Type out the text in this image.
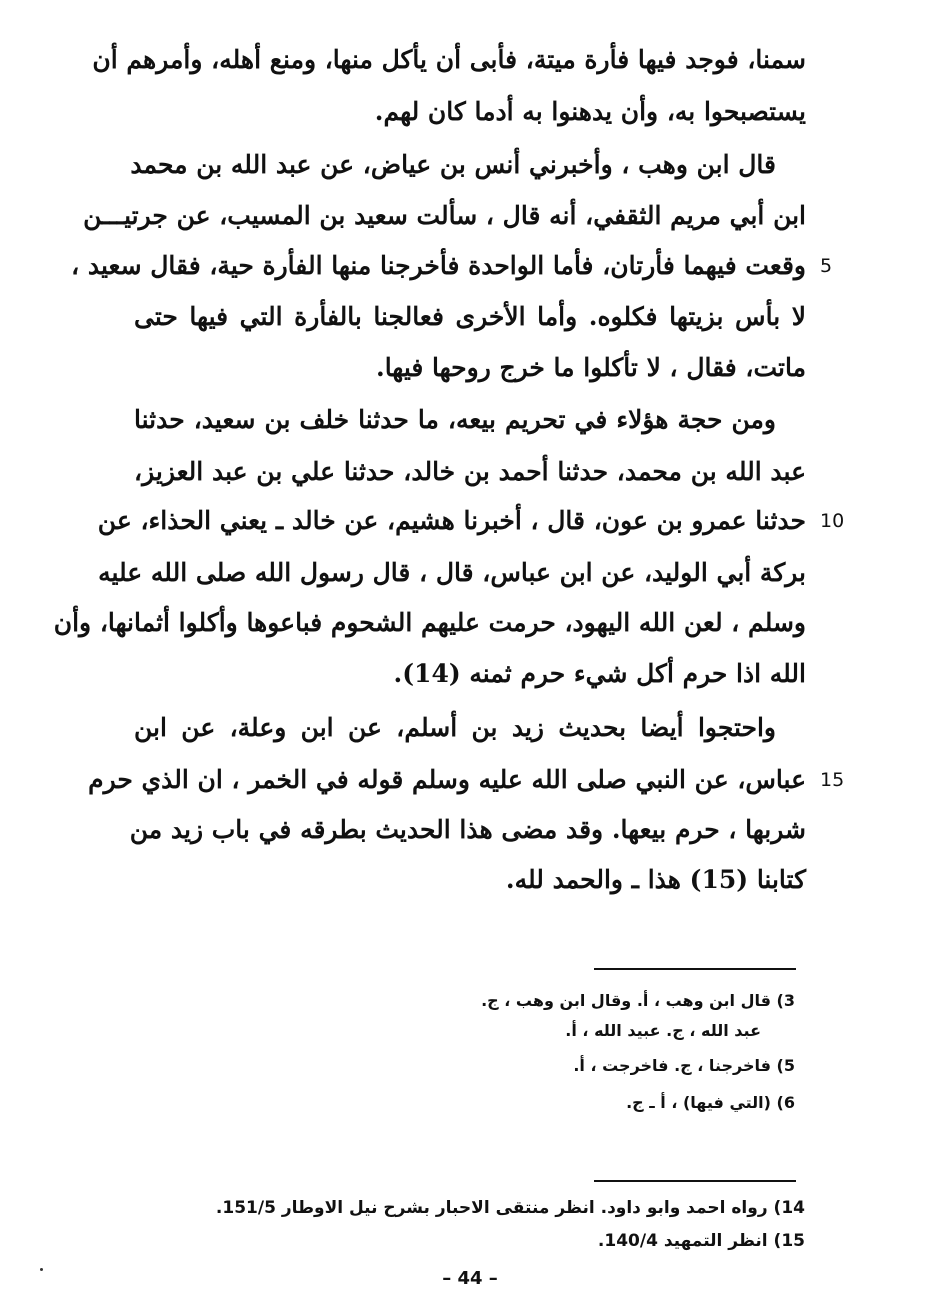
سمنا، فوجد فيها فأرة ميتة، فأبى أن يأكل منها، ومنع أهله، وأمرهم أن
يستصبحوا به، وأن يدهنوا به أدما كان لهم.
قال ابن وهب ، وأخبرني أنس بن عياض، عن عبد الله بن محمد
ابن أبي مريم الثقفي، أنه قال ، سألت سعيد بن المسيب، عن جرتيـــن
وقعت فيهما فأرتان، فأما الواحدة فأخرجنا منها الفأرة حية، فقال سعيد ،
لا بأس بزيتها فكلوه. وأما الأخرى فعالجنا بالفأرة التي فيها حتى
ماتت، فقال ، لا تأكلوا ما خرج روحها فيها.
ومن حجة هؤلاء في تحريم بيعه، ما حدثنا خلف بن سعيد، حدثنا
عبد الله بن محمد، حدثنا أحمد بن خالد، حدثنا علي بن عبد العزيز،
حدثنا عمرو بن عون، قال ، أخبرنا هشيم، عن خالد ـ يعني الحذاء، عن
بركة أبي الوليد، عن ابن عباس، قال ، قال رسول الله صلى الله عليه
وسلم ، لعن الله اليهود، حرمت عليهم الشحوم فباعوها وأكلوا أثمانها، وأن
الله اذا حرم أكل شيء حرم ثمنه (14).
واحتجوا أيضا بحديث زيد بن أسلم، عن ابن وعلة، عن ابن
عباس، عن النبي صلى الله عليه وسلم قوله في الخمر ، ان الذي حرم
شربها ، حرم بيعها. وقد مضى هذا الحديث بطرقه في باب زيد من
كتابنا (15) هذا ـ والحمد لله.
5
10
15
3) قال ابن وهب ، أ. وقال ابن وهب ، ج.
عبد الله ، ج. عبيد الله ، أ.
5) فاخرجنا ، ج. فاخرجت ، أ.
6) (التي فيها) ، أ ـ ج.
14) رواه احمد وابو داود. انظر منتقى الاحبار بشرح نيل الاوطار 151/5.
15) انظر التمهيد 140/4.
– 44 –
